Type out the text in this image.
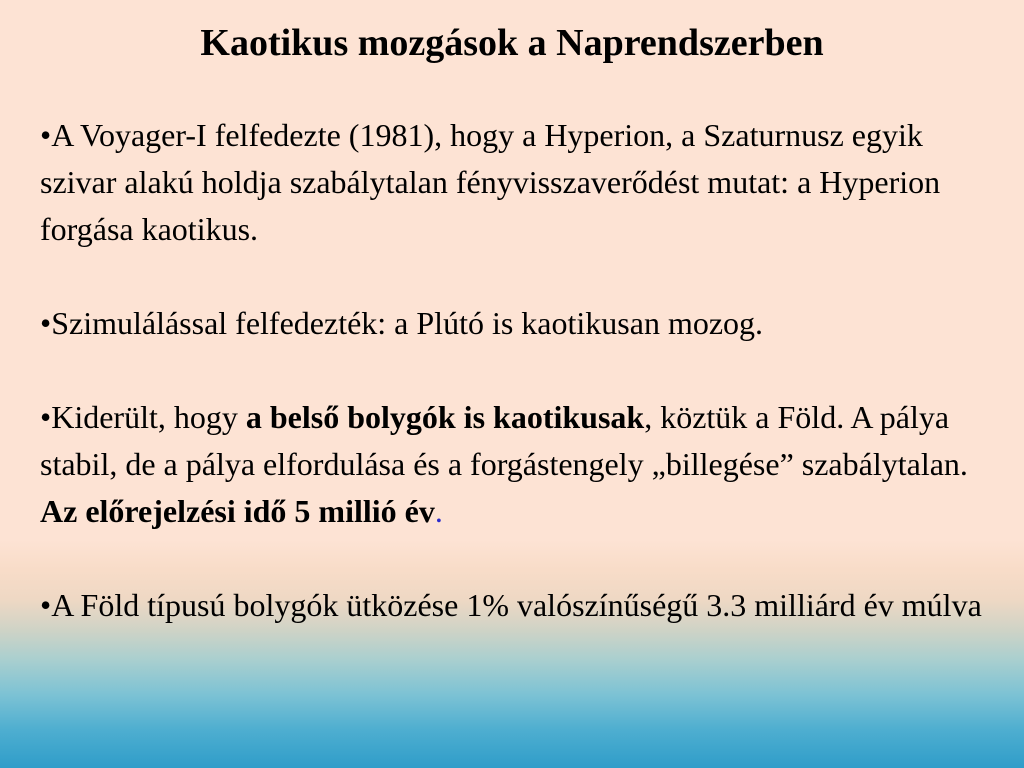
Kaotikus mozgások a Naprendszerben

•A Voyager-I felfedezte (1981), hogy a Hyperion, a Szaturnusz egyik szivar alakú holdja szabálytalan fényvisszaverődést mutat: a Hyperion forgása kaotikus.

•Szimulálással felfedezték: a Plútó is kaotikusan mozog.

•Kiderült, hogy a belső bolygók is kaotikusak, köztük a Föld. A pálya stabil, de a pálya elfordulása és a forgástengely „billegése” szabálytalan. Az előrejelzési idő 5 millió év.

•A Föld típusú bolygók ütközése 1% valószínűségű 3.3 milliárd év múlva
